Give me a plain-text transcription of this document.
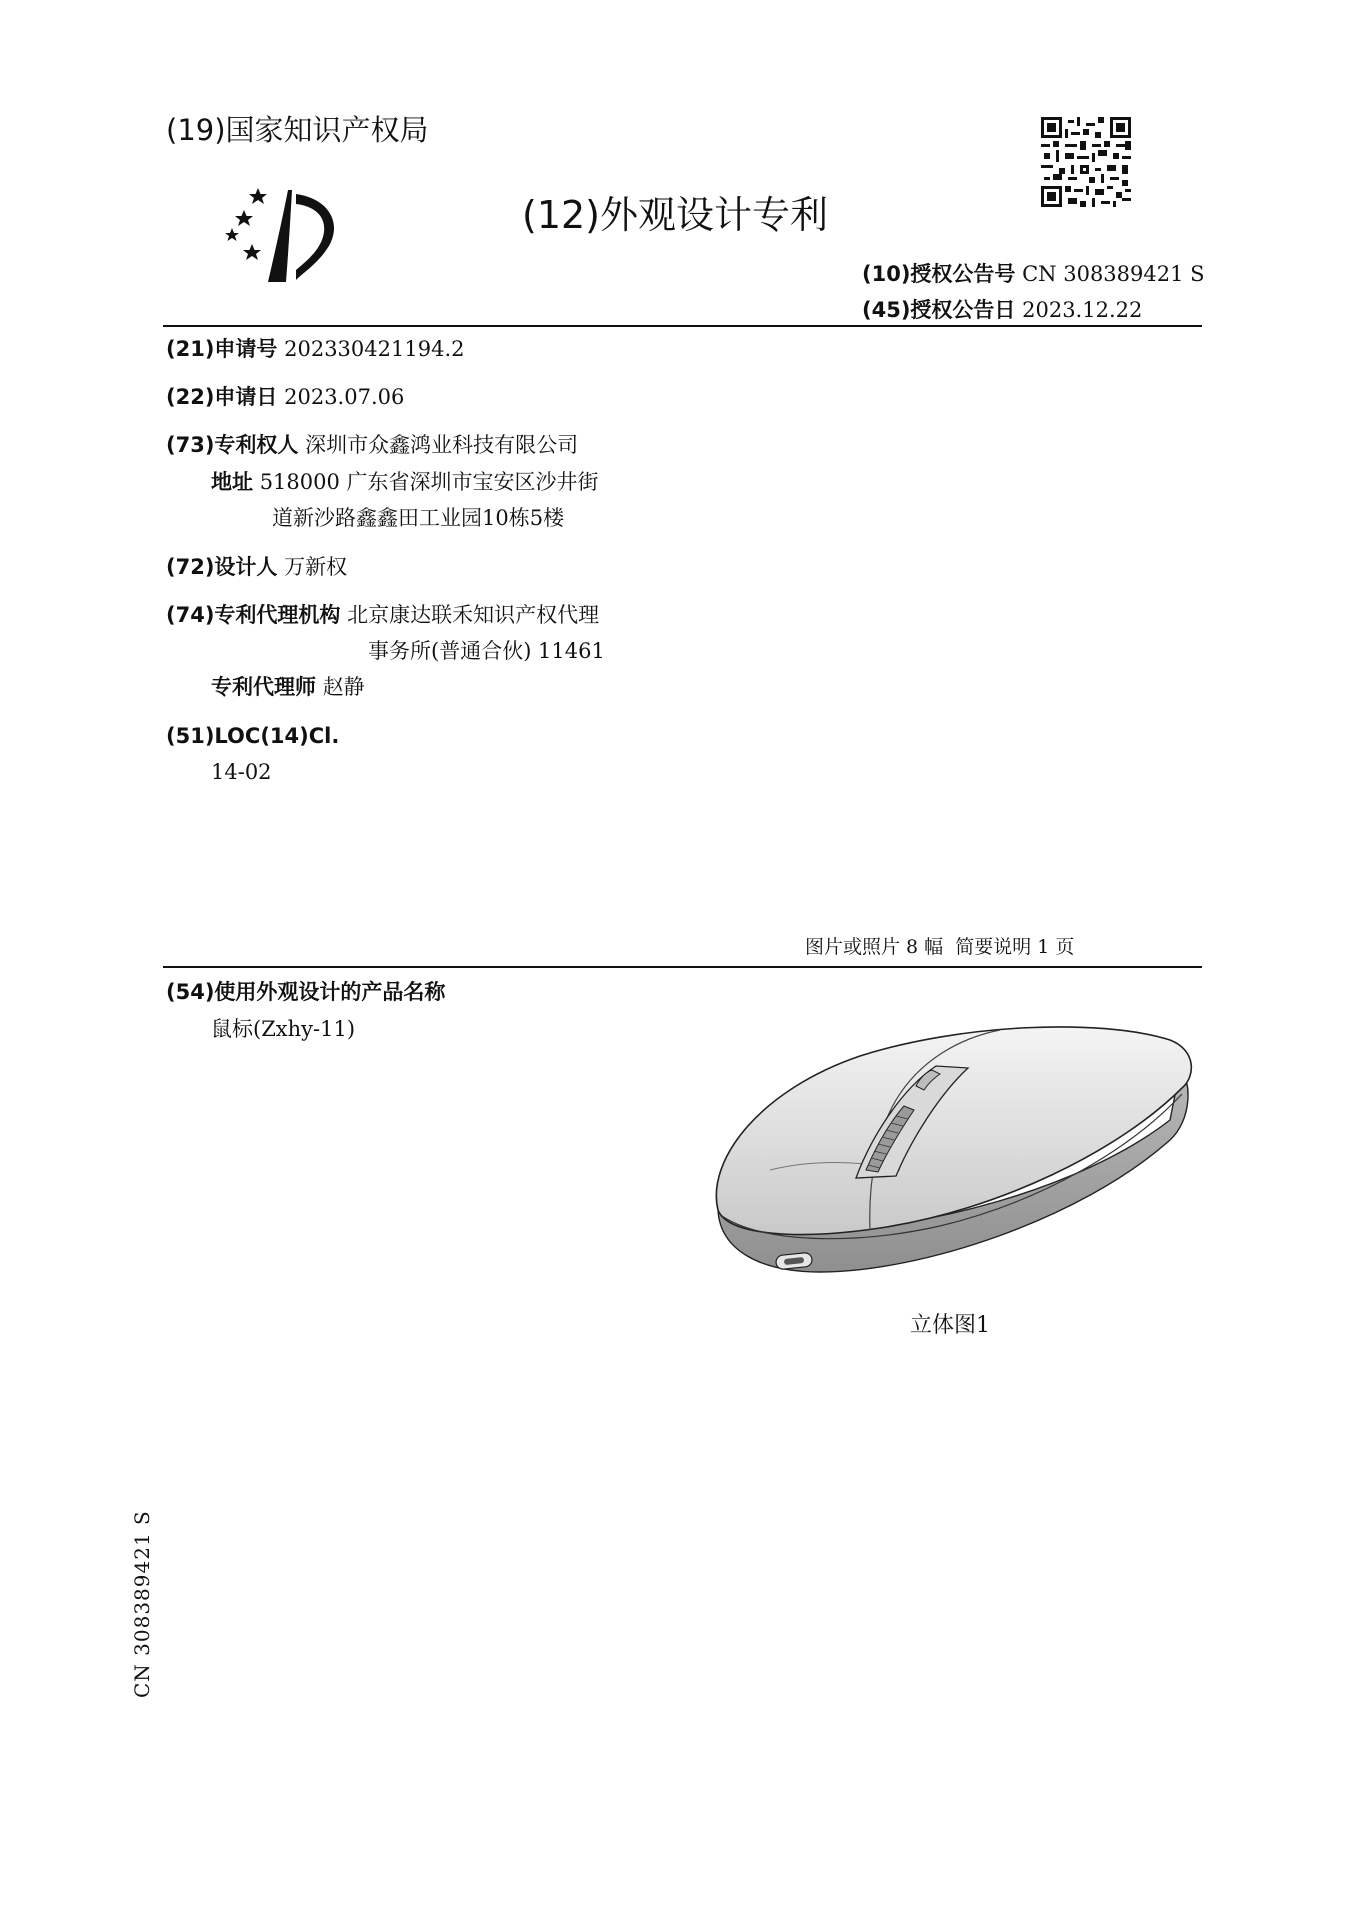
(19)国家知识产权局
(12)外观设计专利
(10)授权公告号 CN 308389421 S
(45)授权公告日 2023.12.22
(21)申请号 202330421194.2
(22)申请日 2023.07.06
(73)专利权人 深圳市众鑫鸿业科技有限公司
地址 518000 广东省深圳市宝安区沙井街
道新沙路鑫鑫田工业园10栋5楼
(72)设计人 万新权
(74)专利代理机构 北京康达联禾知识产权代理
事务所(普通合伙) 11461
专利代理师 赵静
(51)LOC(14)Cl.
14-02
图片或照片 8 幅  简要说明 1 页
(54)使用外观设计的产品名称
鼠标(Zxhy-11)
立体图1
CN 308389421 S
